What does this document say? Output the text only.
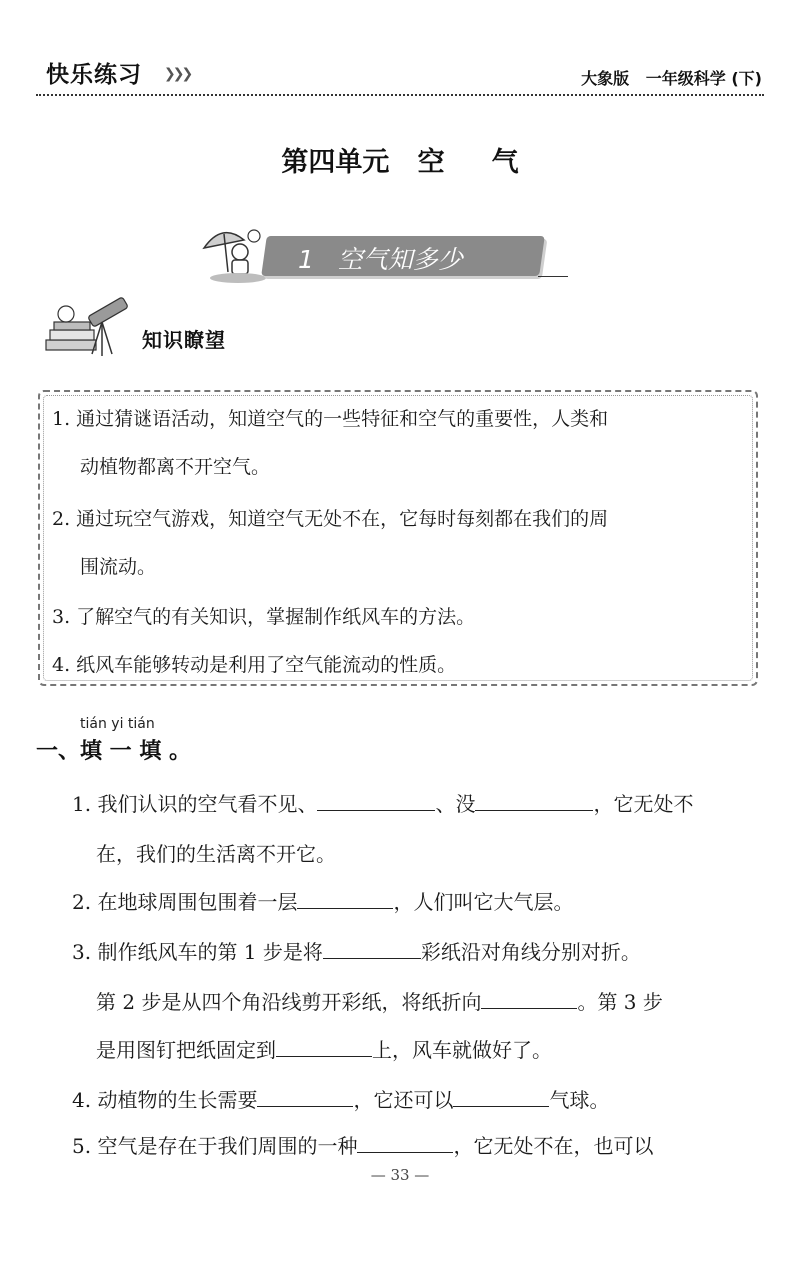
快乐练习 ❯❯❯	大象版   一年级科学 (下)
第四单元   空     气
1 空气知多少
知识瞭望
1. 通过猜谜语活动，知道空气的一些特征和空气的重要性，人类和
动植物都离不开空气。
2. 通过玩空气游戏，知道空气无处不在，它每时每刻都在我们的周
围流动。
3. 了解空气的有关知识，掌握制作纸风车的方法。
4. 纸风车能够转动是利用了空气能流动的性质。
tián yi tián
一、填 一 填 。
1. 我们认识的空气看不见、	、没	，它无处不
在，我们的生活离不开它。
2. 在地球周围包围着一层	，人们叫它大气层。
3. 制作纸风车的第 1 步是将	彩纸沿对角线分别对折。
第 2 步是从四个角沿线剪开彩纸，将纸折向	。第 3 步
是用图钉把纸固定到	上，风车就做好了。
4. 动植物的生长需要	，它还可以	气球。
5. 空气是存在于我们周围的一种	，它无处不在，也可以
— 33 —
